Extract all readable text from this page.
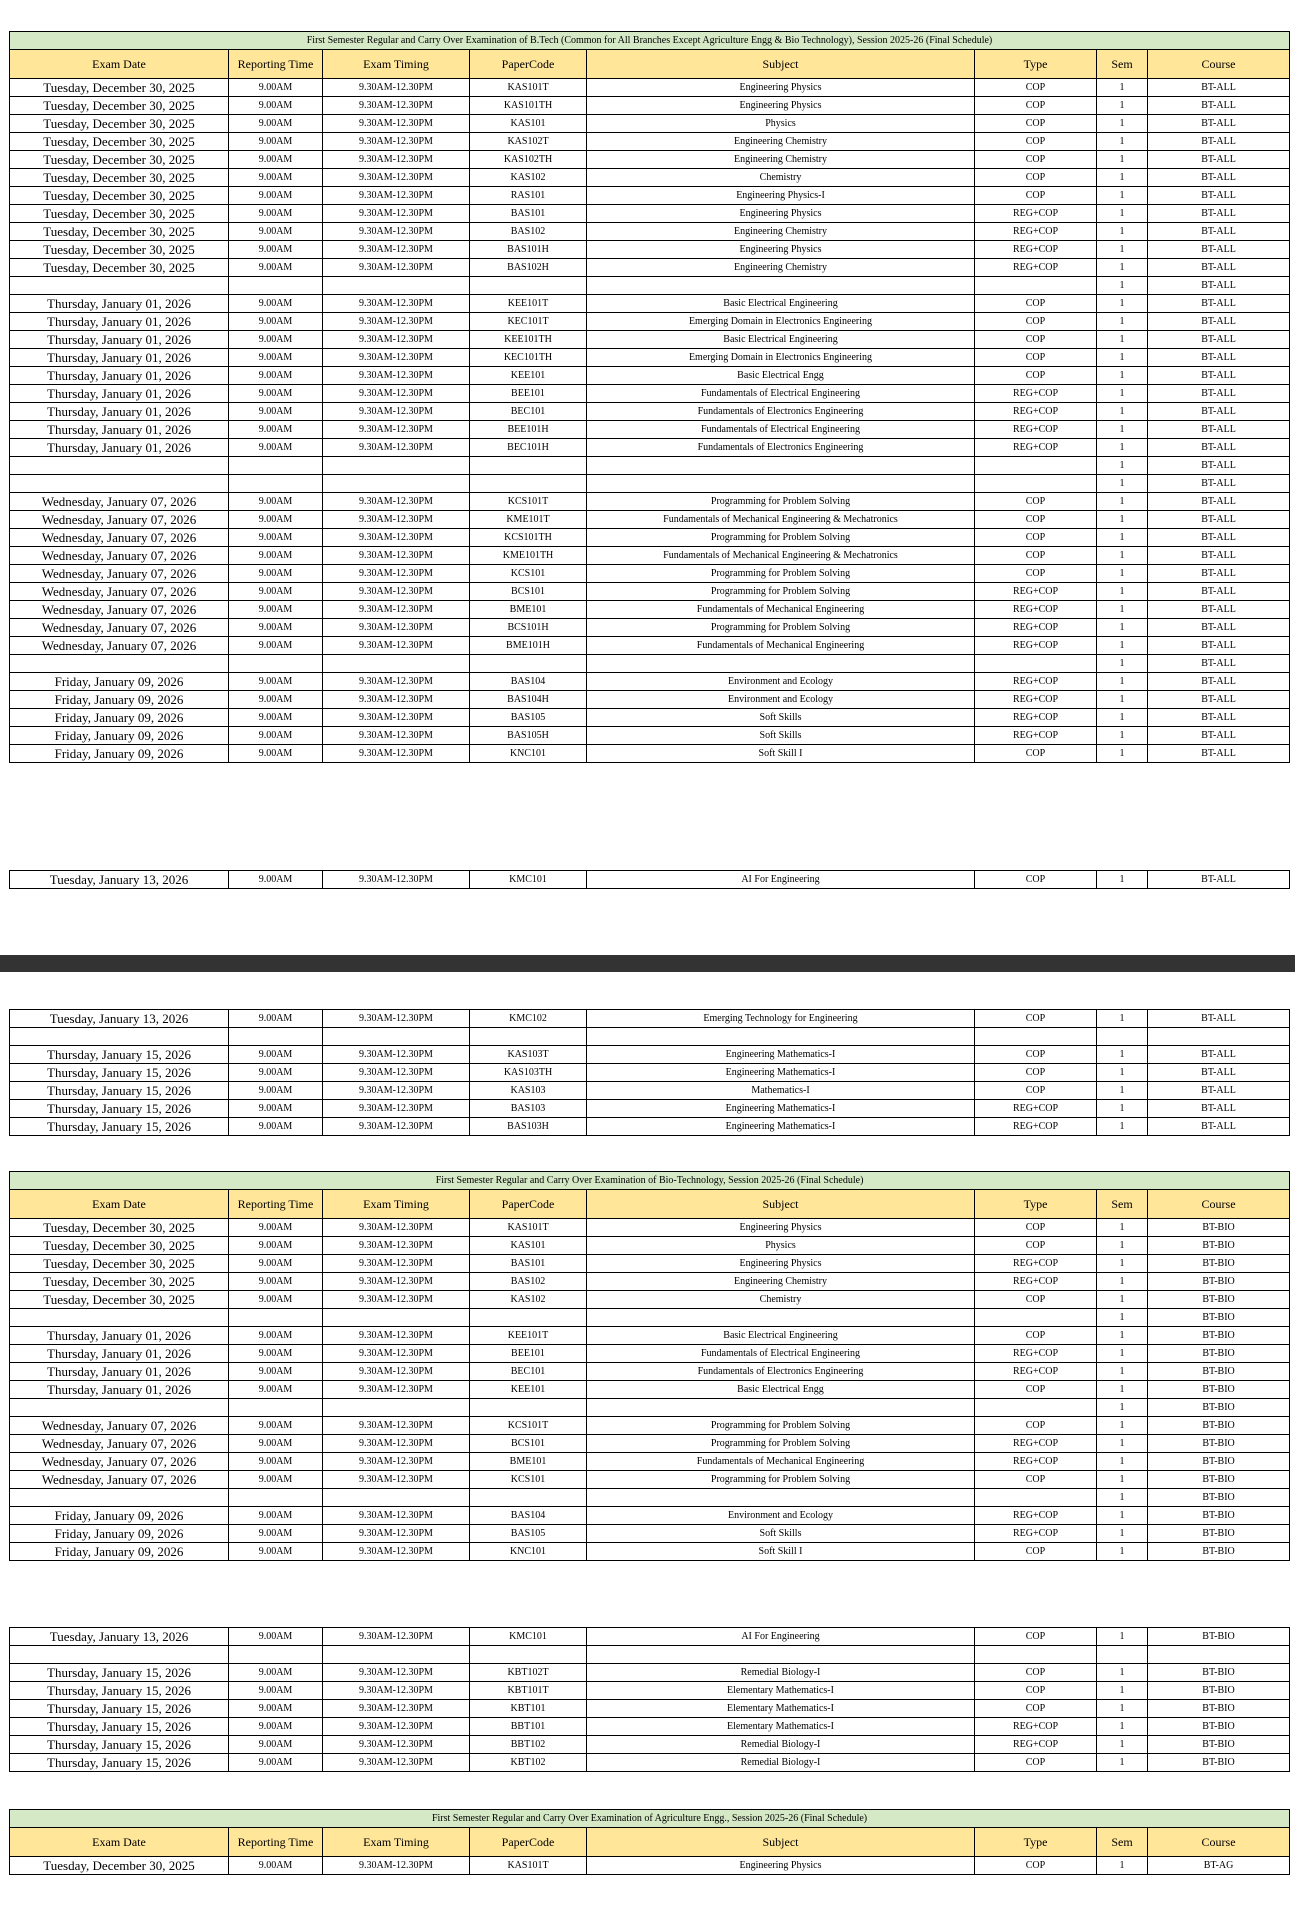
First Semester Regular and Carry Over Examination of B.Tech (Common for All Branches Except Agriculture Engg & Bio Technology), Session 2025-26 (Final Schedule)							
Exam Date	Reporting Time	Exam Timing	PaperCode	Subject	Type	Sem	Course
Tuesday, December 30, 2025	9.00AM	9.30AM-12.30PM	KAS101T	Engineering Physics	COP	1	BT-ALL
Tuesday, December 30, 2025	9.00AM	9.30AM-12.30PM	KAS101TH	Engineering Physics	COP	1	BT-ALL
Tuesday, December 30, 2025	9.00AM	9.30AM-12.30PM	KAS101	Physics	COP	1	BT-ALL
Tuesday, December 30, 2025	9.00AM	9.30AM-12.30PM	KAS102T	Engineering Chemistry	COP	1	BT-ALL
Tuesday, December 30, 2025	9.00AM	9.30AM-12.30PM	KAS102TH	Engineering Chemistry	COP	1	BT-ALL
Tuesday, December 30, 2025	9.00AM	9.30AM-12.30PM	KAS102	Chemistry	COP	1	BT-ALL
Tuesday, December 30, 2025	9.00AM	9.30AM-12.30PM	RAS101	Engineering Physics-I	COP	1	BT-ALL
Tuesday, December 30, 2025	9.00AM	9.30AM-12.30PM	BAS101	Engineering Physics	REG+COP	1	BT-ALL
Tuesday, December 30, 2025	9.00AM	9.30AM-12.30PM	BAS102	Engineering Chemistry	REG+COP	1	BT-ALL
Tuesday, December 30, 2025	9.00AM	9.30AM-12.30PM	BAS101H	Engineering Physics	REG+COP	1	BT-ALL
Tuesday, December 30, 2025	9.00AM	9.30AM-12.30PM	BAS102H	Engineering Chemistry	REG+COP	1	BT-ALL
						1	BT-ALL
Thursday, January 01, 2026	9.00AM	9.30AM-12.30PM	KEE101T	Basic Electrical Engineering	COP	1	BT-ALL
Thursday, January 01, 2026	9.00AM	9.30AM-12.30PM	KEC101T	Emerging Domain in Electronics Engineering	COP	1	BT-ALL
Thursday, January 01, 2026	9.00AM	9.30AM-12.30PM	KEE101TH	Basic Electrical Engineering	COP	1	BT-ALL
Thursday, January 01, 2026	9.00AM	9.30AM-12.30PM	KEC101TH	Emerging Domain in Electronics Engineering	COP	1	BT-ALL
Thursday, January 01, 2026	9.00AM	9.30AM-12.30PM	KEE101	Basic Electrical Engg	COP	1	BT-ALL
Thursday, January 01, 2026	9.00AM	9.30AM-12.30PM	BEE101	Fundamentals of Electrical Engineering	REG+COP	1	BT-ALL
Thursday, January 01, 2026	9.00AM	9.30AM-12.30PM	BEC101	Fundamentals of Electronics Engineering	REG+COP	1	BT-ALL
Thursday, January 01, 2026	9.00AM	9.30AM-12.30PM	BEE101H	Fundamentals of Electrical Engineering	REG+COP	1	BT-ALL
Thursday, January 01, 2026	9.00AM	9.30AM-12.30PM	BEC101H	Fundamentals of Electronics Engineering	REG+COP	1	BT-ALL
						1	BT-ALL
						1	BT-ALL
Wednesday, January 07, 2026	9.00AM	9.30AM-12.30PM	KCS101T	Programming for Problem Solving	COP	1	BT-ALL
Wednesday, January 07, 2026	9.00AM	9.30AM-12.30PM	KME101T	Fundamentals of Mechanical Engineering & Mechatronics	COP	1	BT-ALL
Wednesday, January 07, 2026	9.00AM	9.30AM-12.30PM	KCS101TH	Programming for Problem Solving	COP	1	BT-ALL
Wednesday, January 07, 2026	9.00AM	9.30AM-12.30PM	KME101TH	Fundamentals of Mechanical Engineering & Mechatronics	COP	1	BT-ALL
Wednesday, January 07, 2026	9.00AM	9.30AM-12.30PM	KCS101	Programming for Problem Solving	COP	1	BT-ALL
Wednesday, January 07, 2026	9.00AM	9.30AM-12.30PM	BCS101	Programming for Problem Solving	REG+COP	1	BT-ALL
Wednesday, January 07, 2026	9.00AM	9.30AM-12.30PM	BME101	Fundamentals of Mechanical Engineering	REG+COP	1	BT-ALL
Wednesday, January 07, 2026	9.00AM	9.30AM-12.30PM	BCS101H	Programming for Problem Solving	REG+COP	1	BT-ALL
Wednesday, January 07, 2026	9.00AM	9.30AM-12.30PM	BME101H	Fundamentals of Mechanical Engineering	REG+COP	1	BT-ALL
						1	BT-ALL
Friday, January 09, 2026	9.00AM	9.30AM-12.30PM	BAS104	Environment and Ecology	REG+COP	1	BT-ALL
Friday, January 09, 2026	9.00AM	9.30AM-12.30PM	BAS104H	Environment and Ecology	REG+COP	1	BT-ALL
Friday, January 09, 2026	9.00AM	9.30AM-12.30PM	BAS105	Soft Skills	REG+COP	1	BT-ALL
Friday, January 09, 2026	9.00AM	9.30AM-12.30PM	BAS105H	Soft Skills	REG+COP	1	BT-ALL
Friday, January 09, 2026	9.00AM	9.30AM-12.30PM	KNC101	Soft Skill I	COP	1	BT-ALL
Tuesday, January 13, 2026	9.00AM	9.30AM-12.30PM	KMC101	AI For Engineering	COP	1	BT-ALL
Tuesday, January 13, 2026	9.00AM	9.30AM-12.30PM	KMC102	Emerging Technology for Engineering	COP	1	BT-ALL

Thursday, January 15, 2026	9.00AM	9.30AM-12.30PM	KAS103T	Engineering Mathematics-I	COP	1	BT-ALL
Thursday, January 15, 2026	9.00AM	9.30AM-12.30PM	KAS103TH	Engineering Mathematics-I	COP	1	BT-ALL
Thursday, January 15, 2026	9.00AM	9.30AM-12.30PM	KAS103	Mathematics-I	COP	1	BT-ALL
Thursday, January 15, 2026	9.00AM	9.30AM-12.30PM	BAS103	Engineering Mathematics-I	REG+COP	1	BT-ALL
Thursday, January 15, 2026	9.00AM	9.30AM-12.30PM	BAS103H	Engineering Mathematics-I	REG+COP	1	BT-ALL
First Semester Regular and Carry Over Examination of Bio-Technology, Session 2025-26 (Final Schedule)							
Exam Date	Reporting Time	Exam Timing	PaperCode	Subject	Type	Sem	Course
Tuesday, December 30, 2025	9.00AM	9.30AM-12.30PM	KAS101T	Engineering Physics	COP	1	BT-BIO
Tuesday, December 30, 2025	9.00AM	9.30AM-12.30PM	KAS101	Physics	COP	1	BT-BIO
Tuesday, December 30, 2025	9.00AM	9.30AM-12.30PM	BAS101	Engineering Physics	REG+COP	1	BT-BIO
Tuesday, December 30, 2025	9.00AM	9.30AM-12.30PM	BAS102	Engineering Chemistry	REG+COP	1	BT-BIO
Tuesday, December 30, 2025	9.00AM	9.30AM-12.30PM	KAS102	Chemistry	COP	1	BT-BIO
						1	BT-BIO
Thursday, January 01, 2026	9.00AM	9.30AM-12.30PM	KEE101T	Basic Electrical Engineering	COP	1	BT-BIO
Thursday, January 01, 2026	9.00AM	9.30AM-12.30PM	BEE101	Fundamentals of Electrical Engineering	REG+COP	1	BT-BIO
Thursday, January 01, 2026	9.00AM	9.30AM-12.30PM	BEC101	Fundamentals of Electronics Engineering	REG+COP	1	BT-BIO
Thursday, January 01, 2026	9.00AM	9.30AM-12.30PM	KEE101	Basic Electrical Engg	COP	1	BT-BIO
						1	BT-BIO
Wednesday, January 07, 2026	9.00AM	9.30AM-12.30PM	KCS101T	Programming for Problem Solving	COP	1	BT-BIO
Wednesday, January 07, 2026	9.00AM	9.30AM-12.30PM	BCS101	Programming for Problem Solving	REG+COP	1	BT-BIO
Wednesday, January 07, 2026	9.00AM	9.30AM-12.30PM	BME101	Fundamentals of Mechanical Engineering	REG+COP	1	BT-BIO
Wednesday, January 07, 2026	9.00AM	9.30AM-12.30PM	KCS101	Programming for Problem Solving	COP	1	BT-BIO
						1	BT-BIO
Friday, January 09, 2026	9.00AM	9.30AM-12.30PM	BAS104	Environment and Ecology	REG+COP	1	BT-BIO
Friday, January 09, 2026	9.00AM	9.30AM-12.30PM	BAS105	Soft Skills	REG+COP	1	BT-BIO
Friday, January 09, 2026	9.00AM	9.30AM-12.30PM	KNC101	Soft Skill I	COP	1	BT-BIO
Tuesday, January 13, 2026	9.00AM	9.30AM-12.30PM	KMC101	AI For Engineering	COP	1	BT-BIO

Thursday, January 15, 2026	9.00AM	9.30AM-12.30PM	KBT102T	Remedial Biology-I	COP	1	BT-BIO
Thursday, January 15, 2026	9.00AM	9.30AM-12.30PM	KBT101T	Elementary Mathematics-I	COP	1	BT-BIO
Thursday, January 15, 2026	9.00AM	9.30AM-12.30PM	KBT101	Elementary Mathematics-I	COP	1	BT-BIO
Thursday, January 15, 2026	9.00AM	9.30AM-12.30PM	BBT101	Elementary Mathematics-I	REG+COP	1	BT-BIO
Thursday, January 15, 2026	9.00AM	9.30AM-12.30PM	BBT102	Remedial Biology-I	REG+COP	1	BT-BIO
Thursday, January 15, 2026	9.00AM	9.30AM-12.30PM	KBT102	Remedial Biology-I	COP	1	BT-BIO
First Semester Regular and Carry Over Examination of Agriculture Engg., Session 2025-26 (Final Schedule)							
Exam Date	Reporting Time	Exam Timing	PaperCode	Subject	Type	Sem	Course
Tuesday, December 30, 2025	9.00AM	9.30AM-12.30PM	KAS101T	Engineering Physics	COP	1	BT-AG
